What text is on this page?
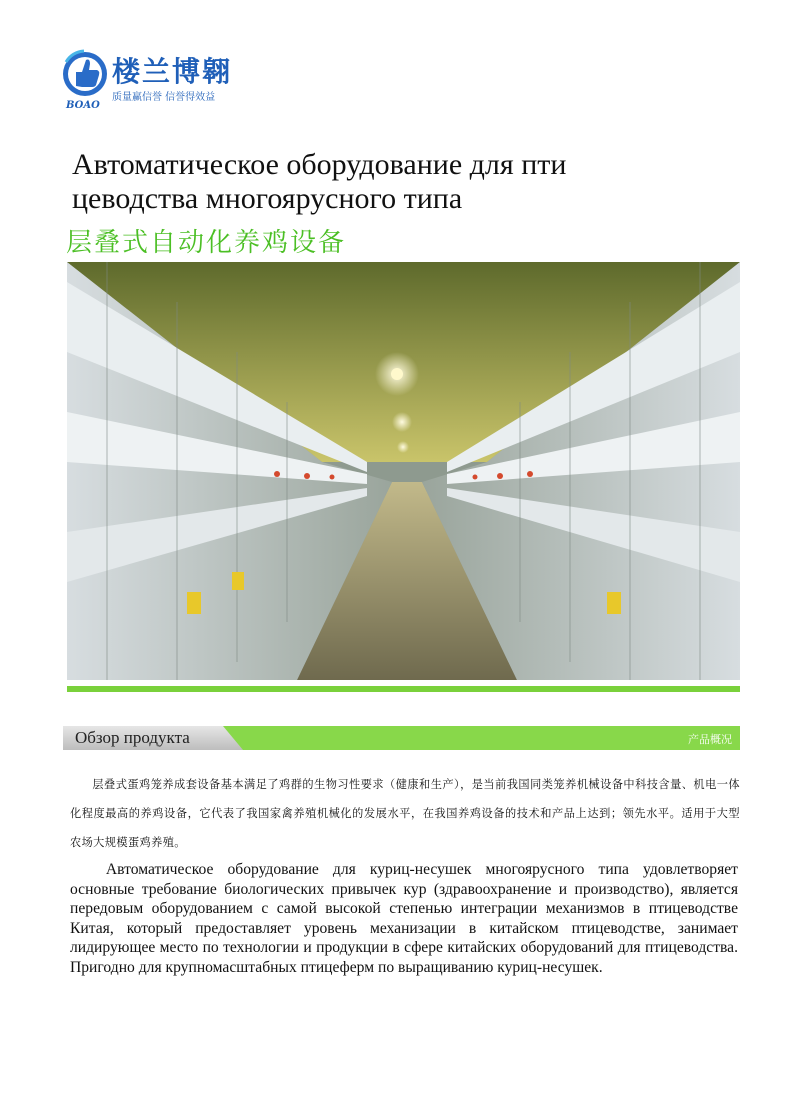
楼兰博翱
质量赢信誉 信誉得效益
BOAO
Автоматическое оборудование для пти цеводства многоярусного типа
层叠式自动化养鸡设备
Обзор продукта	产品概况

层叠式蛋鸡笼养成套设备基本满足了鸡群的生物习性要求（健康和生产），是当前我国同类笼养机械设备中科技含量、机电一体化程度最高的养鸡设备，它代表了我国家禽养殖机械化的发展水平，在我国养鸡设备的技术和产品上达到；领先水平。适用于大型农场大规模蛋鸡养殖。

Автоматическое оборудование для куриц-несушек многоярусного типа удовлетворяет основные требование биологических привычек кур (здравоохранение и производство), является передовым оборудованием с самой высокой степенью интеграции механизмов в птицеводстве Китая, который предоставляет уровень механизации в китайском птицеводстве, занимает лидирующее место по технологии и продукции в сфере китайских оборудований для птицеводства. Пригодно для крупномасштабных птицеферм по выращиванию куриц-несушек.
